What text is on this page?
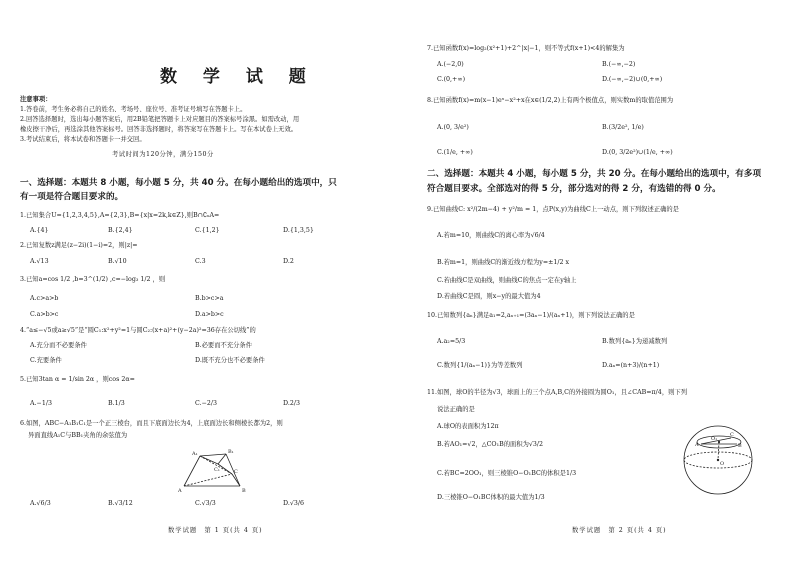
数 学 试 题
注意事项：
1.答卷前，考生务必将自己的姓名、考场号、座位号、准考证号填写在答题卡上。
2.回答选择题时，选出每小题答案后，用2B铅笔把答题卡上对应题目的答案标号涂黑。如需改动，用
橡皮擦干净后，再选涂其他答案标号。回答非选择题时，将答案写在答题卡上。写在本试卷上无效。
3.考试结束后，将本试卷和答题卡一并交回。
考试时间为120分钟，满分150分
一、选择题：本题共 8 小题，每小题 5 分，共 40 分。在每小题给出的选项中，只
有一项是符合题目要求的。
1.已知集合U={1,2,3,4,5},A={2,3},B={x|x=2k,k∈Z},则B∩∁ᵤA=
A.{4}	B.{2,4}	C.{1,2}	D.{1,3,5}
2.已知复数z满足(z−2i)(1−i)=2，则|z|=
A.√13	B.√10	C.3	D.2
3.已知a=cos 1/2 ,b=3^(1/2) ,c=−log₃ 1/2 ，则
A.c>a>b	B.b>c>a
C.a>b>c	D.a>b>c
4.“a≤−√5或a≥√5”是“圆C₁:x²+y²=1与圆C₂:(x+a)²+(y−2a)²=36存在公切线”的
A.充分而不必要条件	B.必要而不充分条件
C.充要条件	D.既不充分也不必要条件
5.已知3tan α = 1/sin 2α ，则cos 2α=
A.−1/3	B.1/3	C.−2/3	D.2/3
6.如图，ABC−A₁B₁C₁是一个正三棱台，而且下底面边长为4，上底面边长和侧棱长都为2，则
异面直线A₁C与BB₁夹角的余弦值为
A₁	B₁
C₁
A	B
C
A.√6/3	B.√3/12	C.√3/3	D.√3/6
数学试题　第 1 页(共 4 页)
7.已知函数f(x)=log₂(x²+1)+2^|x|−1，则不等式f(x+1)<4的解集为
A.(−2,0)	B.(−∞,−2)
C.(0,+∞)	D.(−∞,−2)∪(0,+∞)
8.已知函数f(x)=m(x−1)eˣ−x²+x在x∈(1/2,2)上有两个极值点，则实数m的取值范围为
A.(0, 3/e²)	B.(3/2e², 1/e)
C.(1/e, +∞)	D.(0, 3/2e²)∪(1/e, +∞)
二、选择题：本题共 4 小题，每小题 5 分，共 20 分。在每小题给出的选项中，有多项
符合题目要求。全部选对的得 5 分，部分选对的得 2 分，有选错的得 0 分。
9.已知曲线C: x²/(2m−4) + y²/m = 1，点P(x,y)为曲线C上一动点，则下列叙述正确的是
A.若m=10，则曲线C的离心率为√6/4
B.若m=1，则曲线C的渐近线方程为y=±1/2 x
C.若曲线C是双曲线，则曲线C的焦点一定在y轴上
D.若曲线C是圆，则x−y的最大值为4
10.已知数列{aₙ}满足a₁=2,aₙ₊₁=(3aₙ−1)/(aₙ+1)，则下列说法正确的是
A.a₂=5/3	B.数列{aₙ}为递减数列
C.数列{1/(aₙ−1)}为等差数列	D.aₙ=(n+3)/(n+1)
11.如图，球O的半径为√3，球面上的三个点A,B,C的外接圆为圆O₁，且∠CAB=π/4，则下列
说法正确的是
A.球O的表面积为12π
B.若AO₁=√2，△CO₁B的面积为√3/2
C.若BC=2OO₁，则三棱锥O−O₁BC的体积是1/3
D.三棱锥O−O₁BC体积的最大值为1/3
A	B
C
O₁
O
数学试题　第 2 页(共 4 页)
